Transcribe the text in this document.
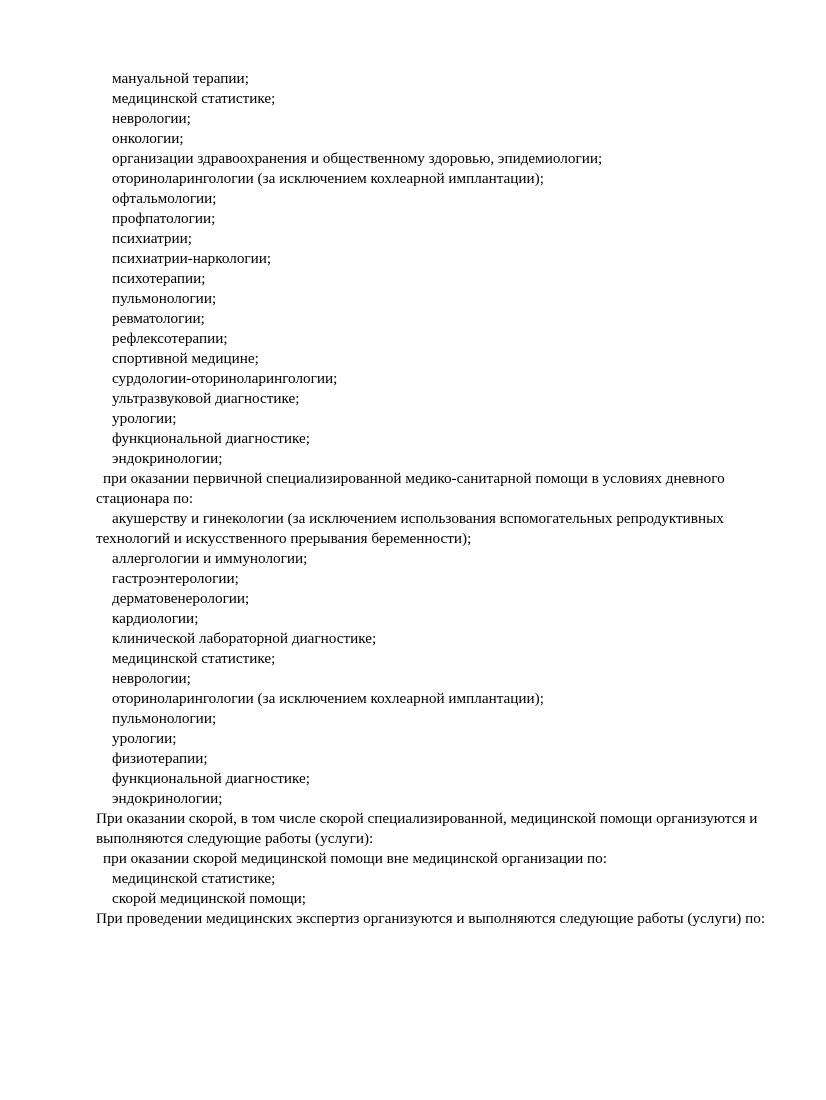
мануальной терапии;
медицинской статистике;
неврологии;
онкологии;
организации здравоохранения и общественному здоровью, эпидемиологии;
оториноларингологии (за исключением кохлеарной имплантации);
офтальмологии;
профпатологии;
психиатрии;
психиатрии-наркологии;
психотерапии;
пульмонологии;
ревматологии;
рефлексотерапии;
спортивной медицине;
сурдологии-оториноларингологии;
ультразвуковой диагностике;
урологии;
функциональной диагностике;
эндокринологии;
при оказании первичной специализированной медико-санитарной помощи в условиях дневного стационара по:
акушерству и гинекологии (за исключением использования вспомогательных репродуктивных технологий и искусственного прерывания беременности);
аллергологии и иммунологии;
гастроэнтерологии;
дерматовенерологии;
кардиологии;
клинической лабораторной диагностике;
медицинской статистике;
неврологии;
оториноларингологии (за исключением кохлеарной имплантации);
пульмонологии;
урологии;
физиотерапии;
функциональной диагностике;
эндокринологии;
При оказании скорой, в том числе скорой специализированной, медицинской помощи организуются и выполняются следующие работы (услуги):
при оказании скорой медицинской помощи вне медицинской организации по:
медицинской статистике;
скорой медицинской помощи;
При проведении медицинских экспертиз организуются и выполняются следующие работы (услуги) по:
